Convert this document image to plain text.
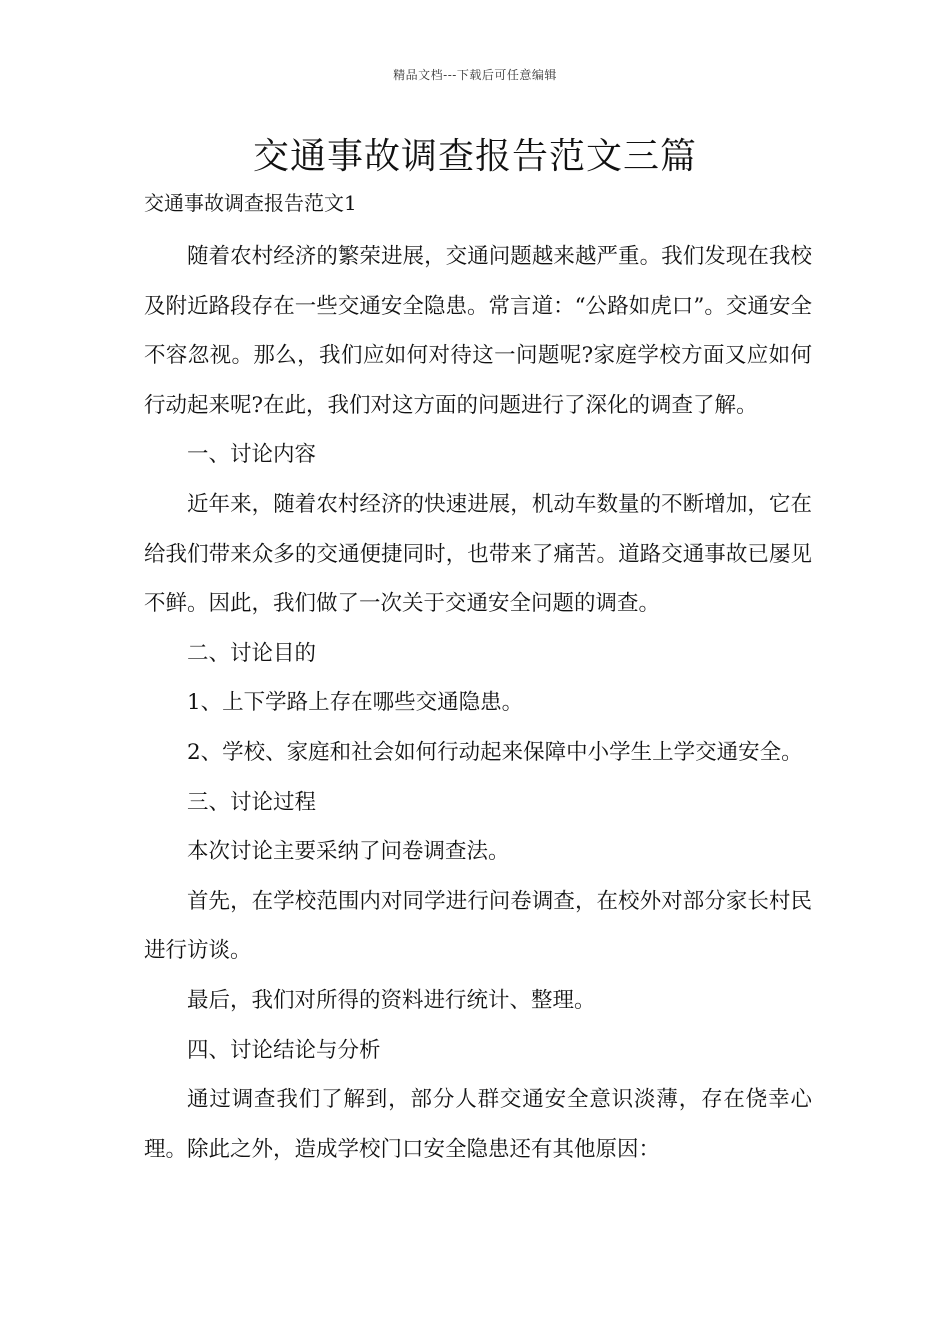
精品文档---下载后可任意编辑
交通事故调查报告范文三篇
交通事故调查报告范文1

随着农村经济的繁荣进展，交通问题越来越严重。我们发现在我校及附近路段存在一些交通安全隐患。常言道：“公路如虎口”。交通安全不容忽视。那么，我们应如何对待这一问题呢?家庭学校方面又应如何行动起来呢?在此，我们对这方面的问题进行了深化的调查了解。

一、讨论内容

近年来，随着农村经济的快速进展，机动车数量的不断增加，它在给我们带来众多的交通便捷同时，也带来了痛苦。道路交通事故已屡见不鲜。因此，我们做了一次关于交通安全问题的调查。

二、讨论目的

1、上下学路上存在哪些交通隐患。

2、学校、家庭和社会如何行动起来保障中小学生上学交通安全。

三、讨论过程

本次讨论主要采纳了问卷调查法。

首先，在学校范围内对同学进行问卷调查，在校外对部分家长村民进行访谈。

最后，我们对所得的资料进行统计、整理。

四、讨论结论与分析

通过调查我们了解到，部分人群交通安全意识淡薄，存在侥幸心理。除此之外，造成学校门口安全隐患还有其他原因：
